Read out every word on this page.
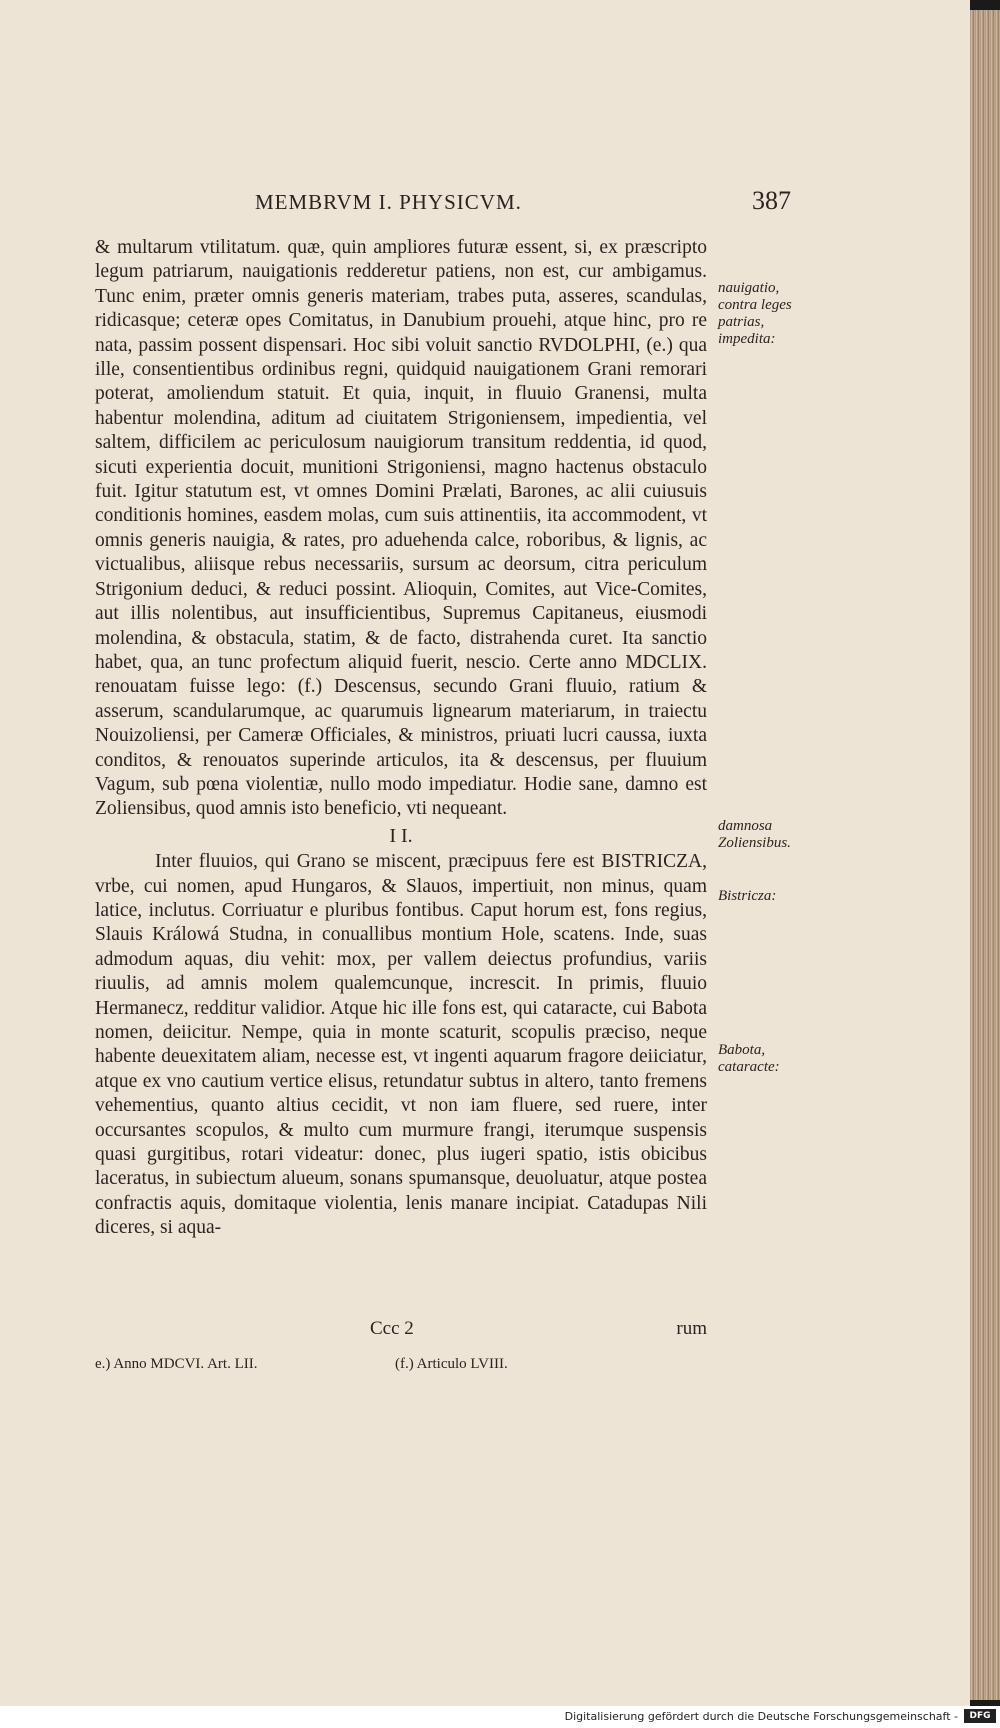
MEMBRVM I. PHYSICVM.	387

& multarum vtilitatum. quæ, quin ampliores futuræ essent, si, ex præscripto legum patriarum, nauigationis redderetur patiens, non est, cur ambigamus. Tunc enim, præter omnis generis materiam, trabes puta, asseres, scandulas, ridicasque; ceteræ opes Comitatus, in Danubium prouehi, atque hinc, pro re nata, passim possent dispensari. Hoc sibi voluit sanctio RVDOLPHI, (e.) qua ille, consentientibus ordinibus regni, quidquid nauigationem Grani remorari poterat, amoliendum statuit. Et quia, inquit, in fluuio Granensi, multa habentur molendina, aditum ad ciuitatem Strigoniensem, impedientia, vel saltem, difficilem ac periculosum nauigiorum transitum reddentia, id quod, sicuti experientia docuit, munitioni Strigoniensi, magno hactenus obstaculo fuit. Igitur statutum est, vt omnes Domini Prælati, Barones, ac alii cuiusuis conditionis homines, easdem molas, cum suis attinentiis, ita accommodent, vt omnis generis nauigia, & rates, pro aduehenda calce, roboribus, & lignis, ac victualibus, aliisque rebus necessariis, sursum ac deorsum, citra periculum Strigonium deduci, & reduci possint. Alioquin, Comites, aut Vice-Comites, aut illis nolentibus, aut insufficientibus, Supremus Capitaneus, eiusmodi molendina, & obstacula, statim, & de facto, distrahenda curet. Ita sanctio habet, qua, an tunc profectum aliquid fuerit, nescio. Certe anno MDCLIX. renouatam fuisse lego: (f.) Descensus, secundo Grani fluuio, ratium & asserum, scandularumque, ac quarumuis lignearum materiarum, in traiectu Nouizoliensi, per Cameræ Officiales, & ministros, priuati lucri caussa, iuxta conditos, & renouatos superinde articulos, ita & descensus, per fluuium Vagum, sub pœna violentiæ, nullo modo impediatur. Hodie sane, damno est Zoliensibus, quod amnis isto beneficio, vti nequeant.

I I.

Inter fluuios, qui Grano se miscent, præcipuus fere est BISTRICZA, vrbe, cui nomen, apud Hungaros, & Slauos, impertiuit, non minus, quam latice, inclutus. Corriuatur e pluribus fontibus. Caput horum est, fons regius, Slauis Králowá Studna, in conuallibus montium Hole, scatens. Inde, suas admodum aquas, diu vehit: mox, per vallem deiectus profundius, variis riuulis, ad amnis molem qualemcunque, increscit. In primis, fluuio Hermanecz, redditur validior. Atque hic ille fons est, qui cataracte, cui Babota nomen, deiicitur. Nempe, quia in monte scaturit, scopulis præciso, neque habente deuexitatem aliam, necesse est, vt ingenti aquarum fragore deiiciatur, atque ex vno cautium vertice elisus, retundatur subtus in altero, tanto fremens vehementius, quanto altius cecidit, vt non iam fluere, sed ruere, inter occursantes scopulos, & multo cum murmure frangi, iterumque suspensis quasi gurgitibus, rotari videatur: donec, plus iugeri spatio, istis obicibus laceratus, in subiectum alueum, sonans spumansque, deuoluatur, atque postea confractis aquis, domitaque violentia, lenis manare incipiat. Catadupas Nili diceres, si aqua-

Ccc 2	rum
nauigatio, contra leges patrias, impedita:
damnosa Zoliensibus.
Bistricza:
Babota, cataracte:
e.) Anno MDCVI. Art. LII.	(f.) Articulo LVIII.
Digitalisierung gefördert durch die Deutsche Forschungsgemeinschaft -	DFG
